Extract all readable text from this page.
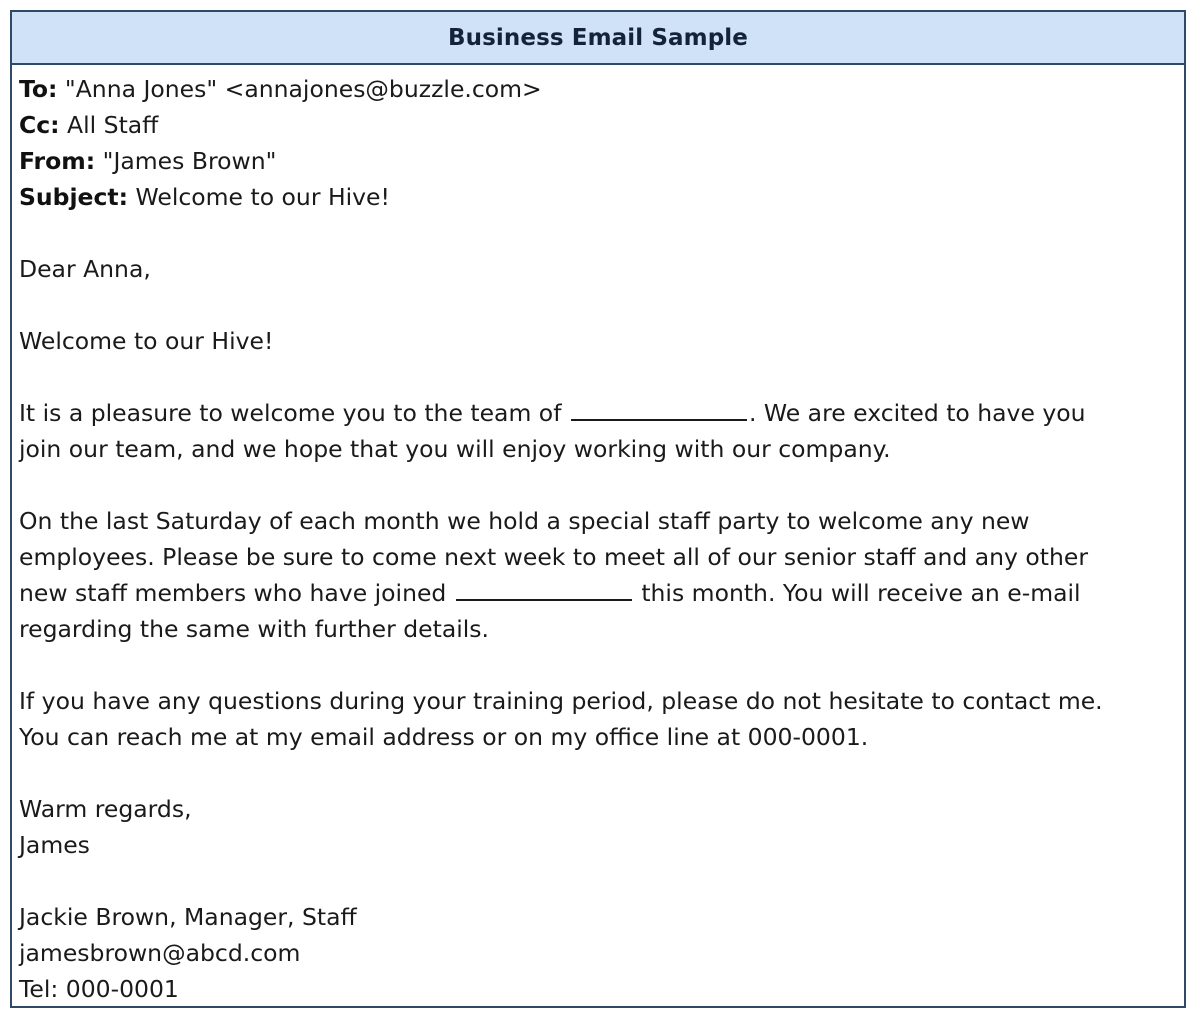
Business Email Sample
To: "Anna Jones" <annajones@buzzle.com>
Cc: All Staff
From: "James Brown"
Subject: Welcome to our Hive!
Dear Anna,
Welcome to our Hive!
It is a pleasure to welcome you to the team of	. We are excited to have you
join our team, and we hope that you will enjoy working with our company.
On the last Saturday of each month we hold a special staff party to welcome any new
employees. Please be sure to come next week to meet all of our senior staff and any other
new staff members who have joined	this month. You will receive an e-mail
regarding the same with further details.
If you have any questions during your training period, please do not hesitate to contact me.
You can reach me at my email address or on my office line at 000-0001.
Warm regards,
James
Jackie Brown, Manager, Staff
jamesbrown@abcd.com
Tel: 000-0001
